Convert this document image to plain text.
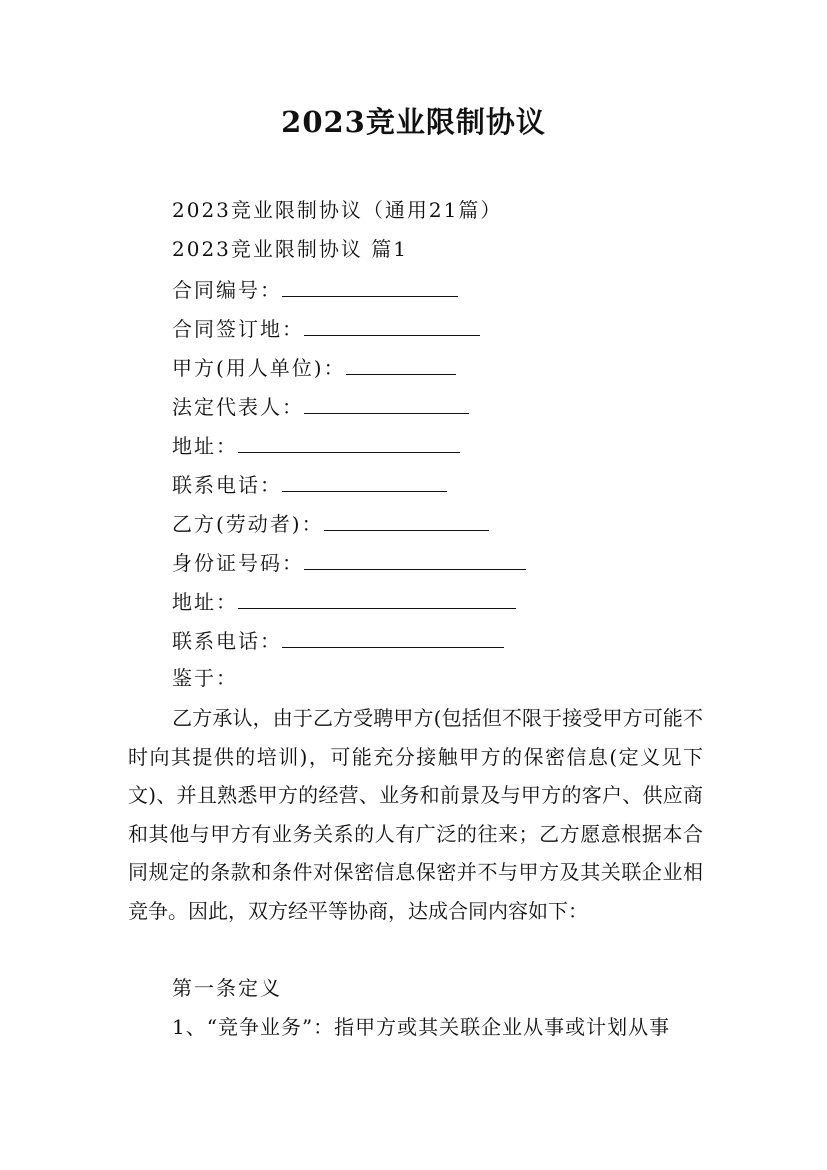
2023竞业限制协议
2023竞业限制协议（通用21篇）
2023竞业限制协议 篇1
合同编号：
合同签订地：
甲方(用人单位)：
法定代表人：
地址：
联系电话：
乙方(劳动者)：
身份证号码：
地址：
联系电话：
鉴于：
乙方承认，由于乙方受聘甲方(包括但不限于接受甲方可能不时向其提供的培训)，可能充分接触甲方的保密信息(定义见下文)、并且熟悉甲方的经营、业务和前景及与甲方的客户、供应商和其他与甲方有业务关系的人有广泛的往来；乙方愿意根据本合同规定的条款和条件对保密信息保密并不与甲方及其关联企业相竞争。因此，双方经平等协商，达成合同内容如下：
第一条定义
1、“竞争业务”：指甲方或其关联企业从事或计划从事
